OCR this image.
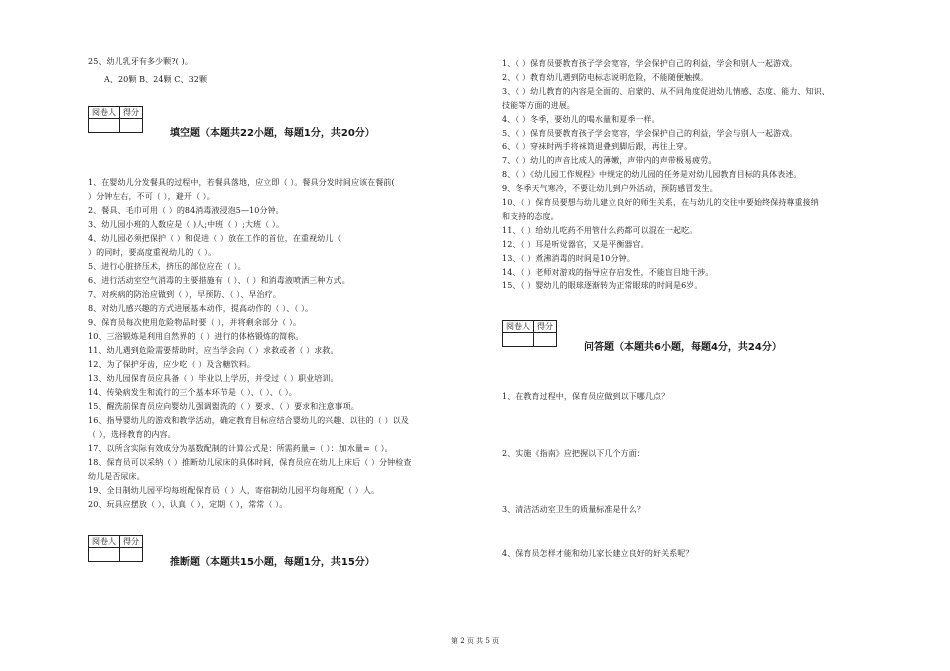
25、幼儿乳牙有多少颗?( )。
A、20颗 B、24颗 C、32颗
阅卷人	得分

填空题（本题共22小题，每题1分，共20分）
1、在婴幼儿分发餐具的过程中，若餐具落地，应立即（ ）。餐具分发时间应该在餐前(
）分钟左右，不可（ ），避开（ ）。
2、餐具、毛巾可用（ ）的84消毒液浸泡5—10分钟。
3、幼儿园小班的人数应是（ )人;中班（ ）;大班（ ）。
4、幼儿园必须把保护（ ）和促进（ ）放在工作的首位，在重视幼儿（
）的同时，要高度重视幼儿的（ ）。
5、进行心脏挤压术，挤压的部位应在（ ）。
6、进行活动室空气消毒的主要措施有（ ）、（ ）和消毒液喷洒三种方式。
7、对疾病的防治应做到（ ），早预防、（ ）、早治疗。
8、对幼儿感兴趣的方式进展基本动作，提高动作的（ ）、（ ）。
9、保育员每次使用危险物品时要（ ），并将剩余部分（ ）。
10、三浴锻炼是利用自然界的（ ）进行的体格锻炼的简称。
11、幼儿遇到危险需要帮助时，应当学会向（ ）求救或者（ ）求救。
12、为了保护牙齿，应少吃（ ）及含糖饮料。
13、幼儿园保育员应具备（ ）毕业以上学历，并受过（ ）职业培训。
14、传染病发生和流行的三个基本环节是（ ）、（ ）、（ ）。
15、醒洗前保育员应向婴幼儿强调盥洗的（ ）要求、（ ）要求和注意事项。
16、指导婴幼儿的游戏和教学活动，确定教育目标应结合婴幼儿的兴趣、以往的（ ）以及
（ ），选择教育的内容。
17、以所含实际有效成分为基数配制的计算公式是：所需药量=（ ）：加水量=（ ）。
18、保育员可以采纳（ ）推断幼儿尿床的具体时间，保育员应在幼儿上床后（ ）分钟检查
幼儿是否尿床。
19、全日制幼儿园平均每班配保育员（ ）人，寄宿制幼儿园平均每班配（ ）人。
20、玩具应摆放（ ），认真（ ），定期（ ），常常（ ）。
阅卷人	得分

推断题（本题共15小题，每题1分，共15分）
1、（ ）保育员要教育孩子学会宽容，学会保护自己的利益，学会和别人一起游戏。
2、（ ）教育幼儿遇到防电标志说明危险，不能随便触摸。
3、（ ）幼儿教育的内容是全面的、启蒙的、从不同角度促进幼儿情感、态度、能力、知识、
技能等方面的进展。
4、（ ）冬季，要幼儿的喝水量和夏季一样。
5、（ ）保育员要教育孩子学会宽容，学会保护自己的利益，学会与别人一起游戏。
6、（ ）穿袜时两手将袜筒退叠到脚后跟，再往上穿。
7、（ ）幼儿的声音比成人的薄嫩，声带内的声带极易疲劳。
8、（ ）《幼儿园工作规程》中规定的幼儿园的任务是对幼儿园教育目标的具体表述。
9、冬季天气寒冷，不要让幼儿到户外活动，预防感冒发生。
10、（ ）保育员要想与幼儿建立良好的师生关系，在与幼儿的交往中要始终保持尊重接纳
和支持的态度。
11、（ ）给幼儿吃药不用管什么药都可以混在一起吃。
12、（ ）耳是听觉器官，又是平衡器官。
13、（ ）煮沸消毒的时间是10分钟。
14、（ ）老师对游戏的指导应存启发性，不能盲目地干涉。
15、（ ）婴幼儿的眼球逐渐转为正常眼球的时间是6岁。
阅卷人	得分

问答题（本题共6小题，每题4分，共24分）
1、在教育过程中，保育员应做到以下哪几点？
2、实施《指南》应把握以下几个方面：
3、清洁活动室卫生的质量标准是什么？
4、保育员怎样才能和幼儿家长建立良好的好关系呢？
第 2 页 共 5 页
